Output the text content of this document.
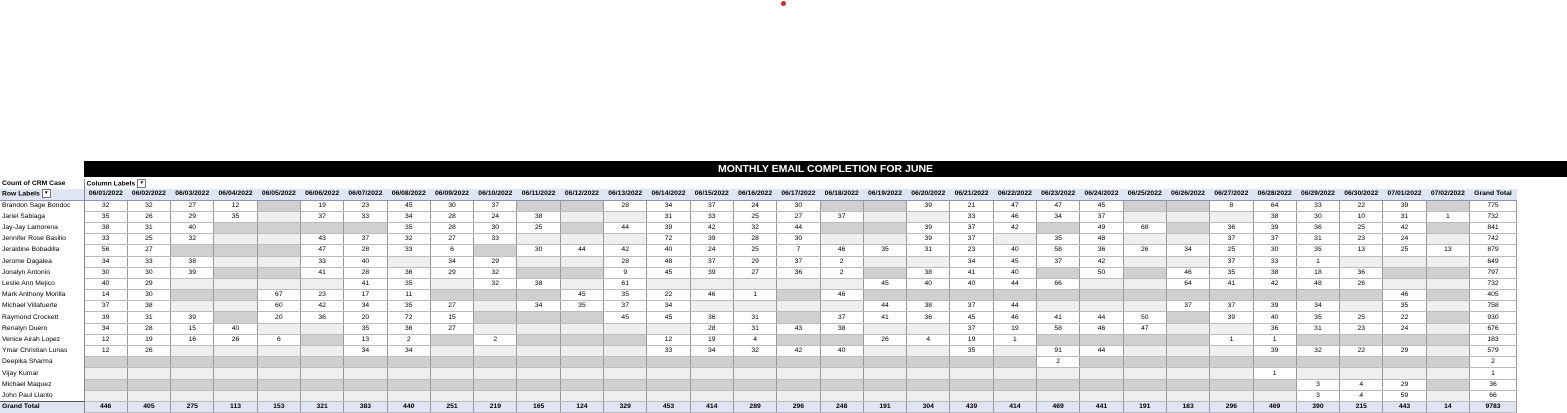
MONTHLY EMAIL COMPLETION FOR JUNE
Count of CRM Case	Column Labels ▾																																
Row Labels ▾	06/01/2022	06/02/2022	06/03/2022	06/04/2022	06/05/2022	06/06/2022	06/07/2022	06/08/2022	06/09/2022	06/10/2022	06/11/2022	06/12/2022	06/13/2022	06/14/2022	06/15/2022	06/16/2022	06/17/2022	06/18/2022	06/19/2022	06/20/2022	06/21/2022	06/22/2022	06/23/2022	06/24/2022	06/25/2022	06/26/2022	06/27/2022	06/28/2022	06/29/2022	06/30/2022	07/01/2022	07/02/2022	Grand Total
Brandon Sage Bondoc	32	32	27	12		19	23	45	30	37			28	34	37	24	30			39	21	47	47	45			8	64	33	22	39		775
Jariel Sabiaga	35	26	29	35		37	33	34	28	24	38			31	33	25	27	37			33	46	34	37				38	30	10	31	1	732
Jay-Jay Lamorena	38	31	40					35	28	30	25		44	39	42	32	44			39	37	42		49	68		36	39	36	25	42		841
Jennifer Rose Basilio	33	25	32			43	37	32	27	33				72	39	28	30			39	37		35	48			37	37	31	23	24		742
Jeraldine Bobadilla	56	27				47	28	33	6		30	44	42	40	24	25	7	46	35	31	23	40	58	36	26	34	25	30	35	13	25	13	879
Jerome Dagalea	34	33	38			33	40		34	29			28	48	37	29	37	2			34	45	37	42			37	33	1				649
Jonalyn Antonio	30	30	39			41	28	36	29	32			9	45	39	27	36	2		38	41	40		50		46	35	38	18	36			797
Leslie Ann Mejico	40	29					41	35		32	38		61						45	40	40	44	66			64	41	42	48	26			732
Mark Anthony Morilla	14	30			67	23	17	11				45	35	22	46	1		46													46		405
Michael Villafuerte	37	38			60	42	34	35	27		34	35	37	34					44	38	37	44				37	37	39	34		35		758
Raymond Crockett	39	31	39		20	36	20	72	15				45	45	36	31		37	41	36	45	46	41	44	50		39	40	35	25	22		930
Renalyn Duero	34	28	15	40			35	36	27						28	31	43	38			37	19	58	46	47			36	31	23	24		676
Venice Airah Lopez	12	19	16	26	6		13	2		2				12	19	4			26	4	19	1					1	1					183
Ymar Christian Lunas	12	26					34	34						33	34	32	42	40			35		91	44				39	32	22	29		579
Deepika Sharma																							2										2
Vijay Kumar																												1					1
Michael Maquez																													3	4	29		36
John Paul Llanto																													3	4	59		66
Grand Total	446	405	275	113	153	321	383	440	251	219	165	124	329	453	414	289	296	248	191	304	439	414	469	441	191	183	296	469	390	215	443	14	9783
